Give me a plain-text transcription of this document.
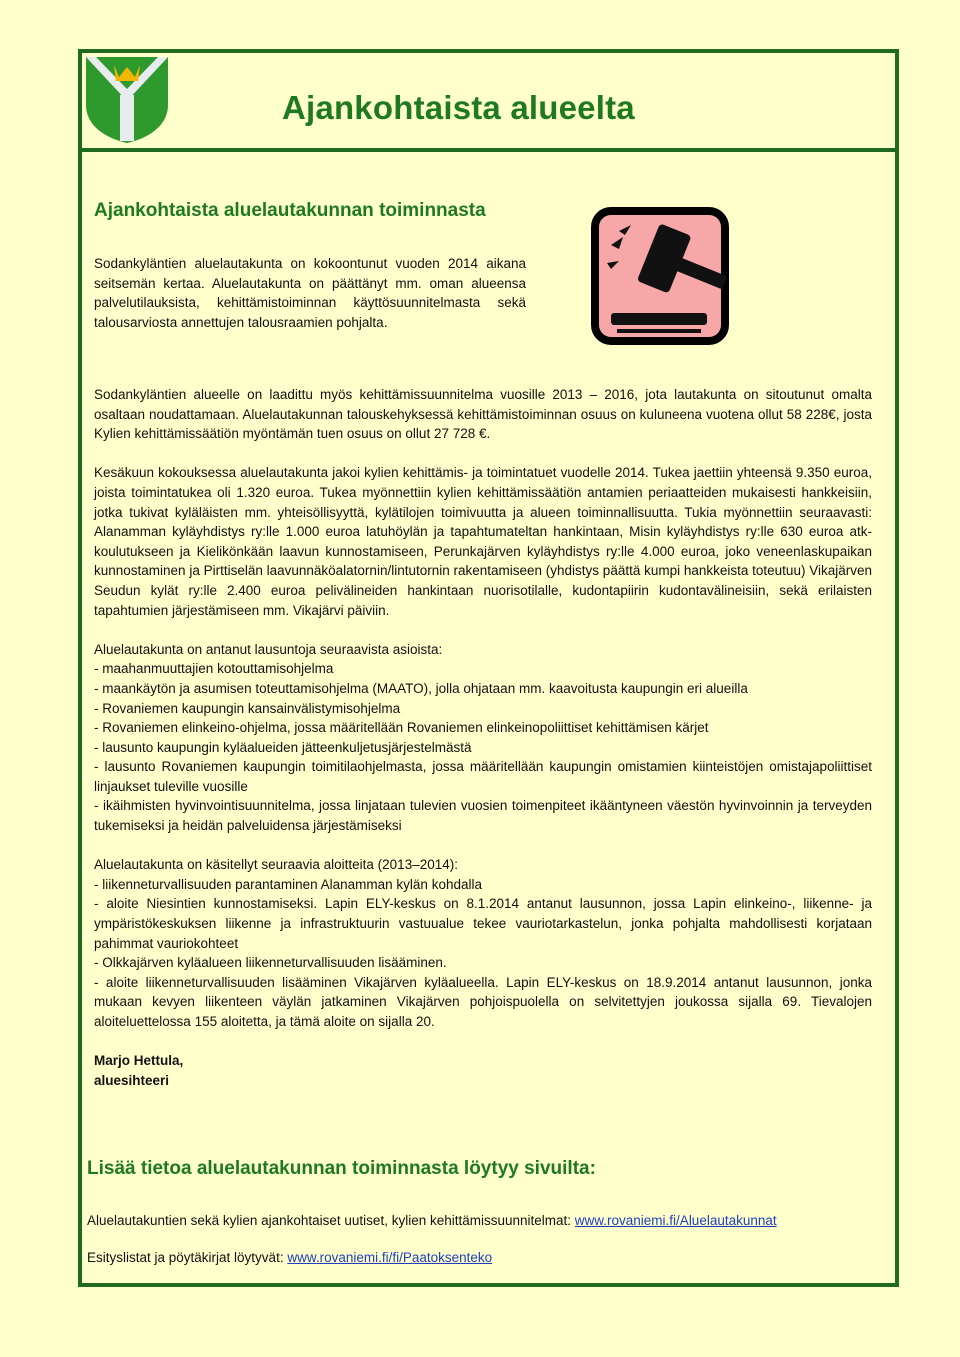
Ajankohtaista alueelta
Ajankohtaista aluelautakunnan toiminnasta

Sodankyläntien aluelautakunta on kokoontunut vuoden 2014 aikana seitsemän kertaa. Aluelautakunta on päättänyt mm. oman alueensa palvelutilauksista, kehittämistoiminnan käyttösuunnitelmasta sekä talousarviosta annettujen talousraamien pohjalta.

Sodankyläntien alueelle on laadittu myös kehittämissuunnitelma vuosille 2013 – 2016, jota lautakunta on sitoutunut omalta osaltaan noudattamaan. Aluelautakunnan talouskehyksessä kehittämistoiminnan osuus on kuluneena vuotena ollut 58 228€, josta Kylien kehittämissäätiön myöntämän tuen osuus on ollut 27 728 €.

Kesäkuun kokouksessa aluelautakunta jakoi kylien kehittämis- ja toimintatuet vuodelle 2014. Tukea jaettiin yhteensä 9.350 euroa, joista toimintatukea oli 1.320 euroa. Tukea myönnettiin kylien kehittämissäätiön antamien periaatteiden mukaisesti hankkeisiin, jotka tukivat kyläläisten mm. yhteisöllisyyttä, kylätilojen toimivuutta ja alueen toiminnallisuutta. Tukia myönnettiin seuraavasti: Alanamman kyläyhdistys ry:lle 1.000 euroa latuhöylän ja tapahtumateltan hankintaan, Misin kyläyhdistys ry:lle 630 euroa atk-koulutukseen ja Kielikönkään laavun kunnostamiseen, Perunkajärven kyläyhdistys ry:lle 4.000 euroa, joko veneenlaskupaikan kunnostaminen ja Pirttiselän laavunnäköalatornin/lintutornin rakentamiseen (yhdistys päättä kumpi hankkeista toteutuu) Vikajärven Seudun kylät ry:lle 2.400 euroa pelivälineiden hankintaan nuorisotilalle, kudontapiirin kudontavälineisiin, sekä erilaisten tapahtumien järjestämiseen mm. Vikajärvi päiviin.

Aluelautakunta on antanut lausuntoja seuraavista asioista:

- maahanmuuttajien kotouttamisohjelma

- maankäytön ja asumisen toteuttamisohjelma (MAATO), jolla ohjataan mm. kaavoitusta kaupungin eri alueilla

- Rovaniemen kaupungin kansainvälistymisohjelma

- Rovaniemen elinkeino-ohjelma, jossa määritellään Rovaniemen elinkeinopoliittiset kehittämisen kärjet

- lausunto kaupungin kyläalueiden jätteenkuljetusjärjestelmästä

- lausunto Rovaniemen kaupungin toimitilaohjelmasta, jossa määritellään kaupungin omistamien kiinteistöjen omistajapoliittiset linjaukset tuleville vuosille

- ikäihmisten hyvinvointisuunnitelma, jossa linjataan tulevien vuosien toimenpiteet ikääntyneen väestön hyvinvoinnin ja terveyden tukemiseksi ja heidän palveluidensa järjestämiseksi

Aluelautakunta on käsitellyt seuraavia aloitteita (2013–2014):

- liikenneturvallisuuden parantaminen Alanamman kylän kohdalla

- aloite Niesintien kunnostamiseksi. Lapin ELY-keskus on 8.1.2014 antanut lausunnon, jossa Lapin elinkeino-, liikenne- ja ympäristökeskuksen liikenne ja infrastruktuurin vastuualue tekee vauriotarkastelun, jonka pohjalta mahdollisesti korjataan pahimmat vauriokohteet

- Olkkajärven kyläalueen liikenneturvallisuuden lisääminen.

- aloite liikenneturvallisuuden lisääminen Vikajärven kyläalueella. Lapin ELY-keskus on 18.9.2014 antanut lausunnon, jonka mukaan kevyen liikenteen väylän jatkaminen Vikajärven pohjoispuolella on selvitettyjen joukossa sijalla 69. Tievalojen aloiteluettelossa 155 aloitetta, ja tämä aloite on sijalla 20.

Marjo Hettula,

aluesihteeri

Lisää tietoa aluelautakunnan toiminnasta löytyy sivuilta:
Aluelautakuntien sekä kylien ajankohtaiset uutiset, kylien kehittämissuunnitelmat: www.rovaniemi.fi/Aluelautakunnat
Esityslistat ja pöytäkirjat löytyvät: www.rovaniemi.fi/fi/Paatoksenteko
